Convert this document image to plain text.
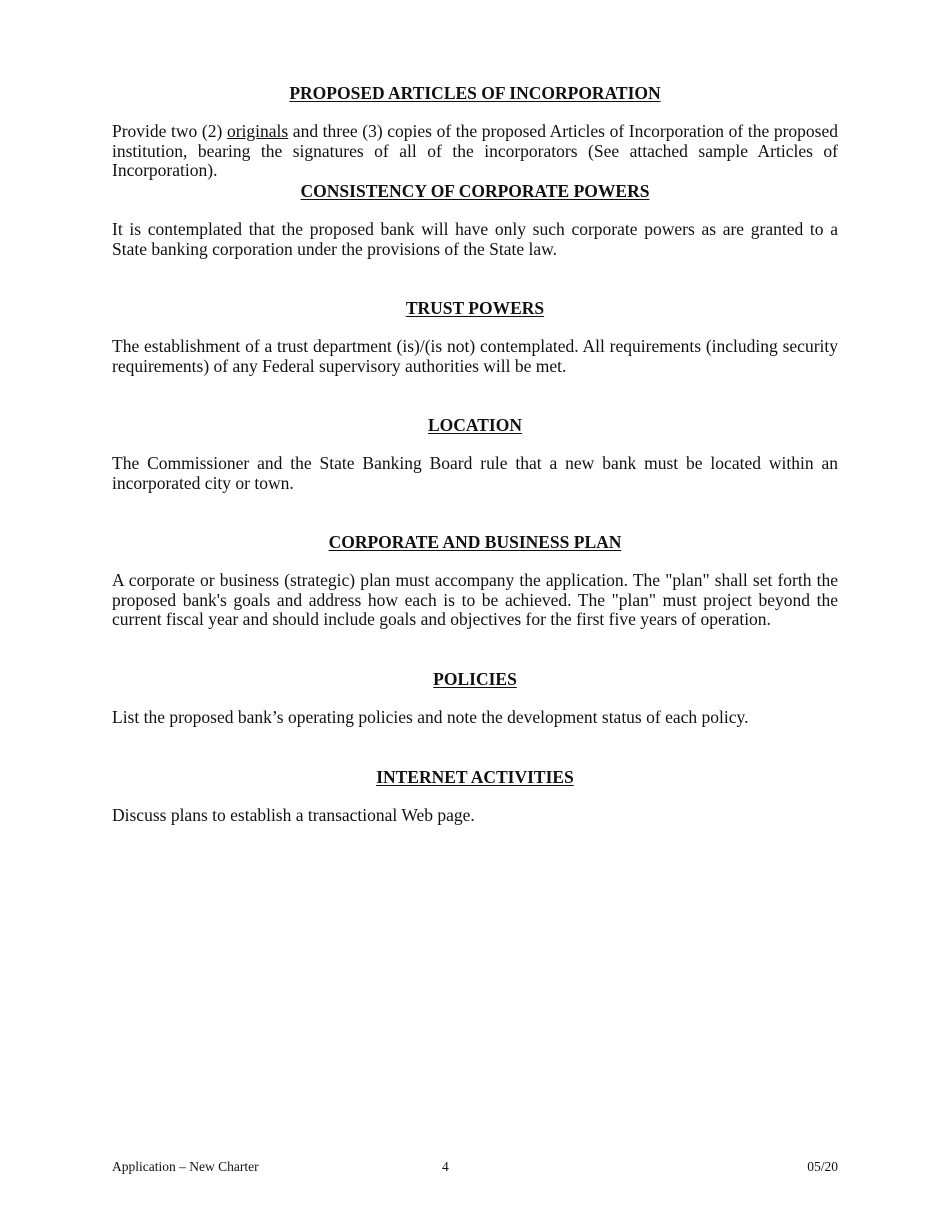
PROPOSED ARTICLES OF INCORPORATION

Provide two (2) originals and three (3) copies of the proposed Articles of Incorporation of the proposed institution, bearing the signatures of all of the incorporators (See attached sample Articles of Incorporation).

CONSISTENCY OF CORPORATE POWERS

It is contemplated that the proposed bank will have only such corporate powers as are granted to a State banking corporation under the provisions of the State law.

TRUST POWERS

The establishment of a trust department (is)/(is not) contemplated. All requirements (including security requirements) of any Federal supervisory authorities will be met.

LOCATION

The Commissioner and the State Banking Board rule that a new bank must be located within an incorporated city or town.

CORPORATE AND BUSINESS PLAN

A corporate or business (strategic) plan must accompany the application. The "plan" shall set forth the proposed bank's goals and address how each is to be achieved. The "plan" must project beyond the current fiscal year and should include goals and objectives for the first five years of operation.

POLICIES

List the proposed bank’s operating policies and note the development status of each policy.

INTERNET ACTIVITIES

Discuss plans to establish a transactional Web page.

Application – New Charter	4	05/20
